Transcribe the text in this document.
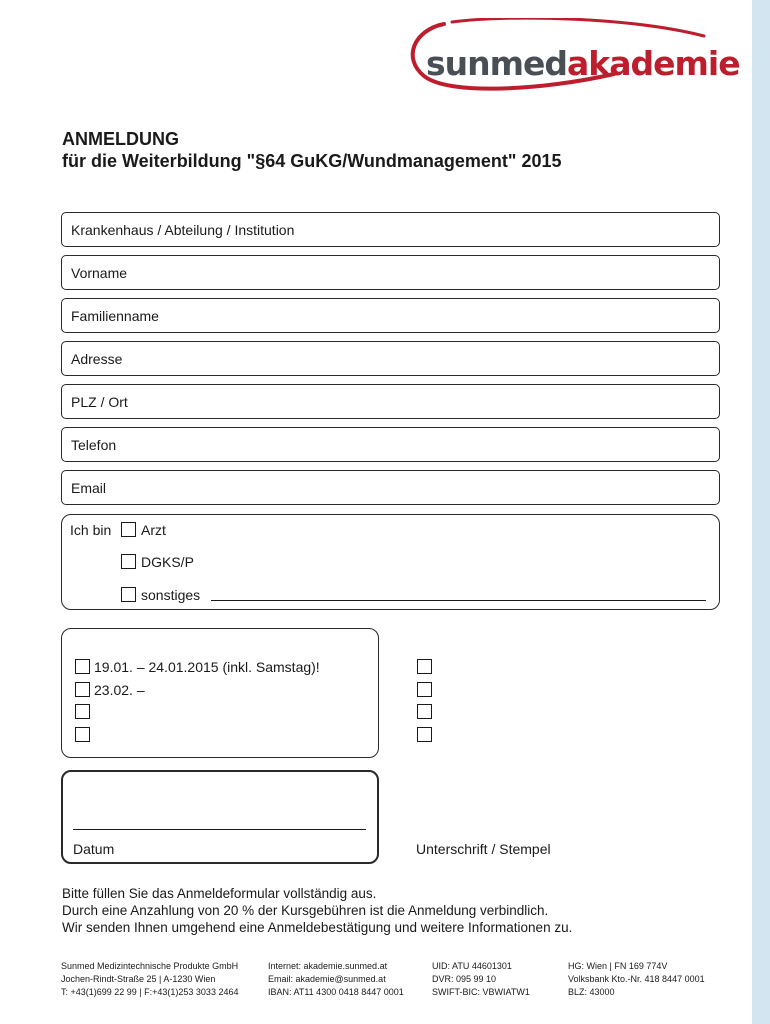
sunmedakademie
ANMELDUNG
für die Weiterbildung "§64 GuKG/Wundmanagement" 2015
Krankenhaus / Abteilung / Institution
Vorname
Familienname
Adresse
PLZ / Ort
Telefon
Email
Ich bin Arzt
DGKS/P
sonstiges
19.01. – 24.01.2015 (inkl. Samstag)!
23.02. –
Datum	Unterschrift / Stempel
Bitte füllen Sie das Anmeldeformular vollständig aus.
Durch eine Anzahlung von 20 % der Kursgebühren ist die Anmeldung verbindlich.
Wir senden Ihnen umgehend eine Anmeldebestätigung und weitere Informationen zu.
Sunmed Medizintechnische Produkte GmbH
Jochen-Rindt-Straße 25 | A-1230 Wien
T: +43(1)699 22 99 | F:+43(1)253 3033 2464
Internet: akademie.sunmed.at
Email: akademie@sunmed.at
IBAN: AT11 4300 0418 8447 0001
UID: ATU 44601301
DVR: 095 99 10
SWIFT-BIC: VBWIATW1
HG: Wien | FN 169 774V
Volksbank Kto.-Nr. 418 8447 0001
BLZ: 43000
